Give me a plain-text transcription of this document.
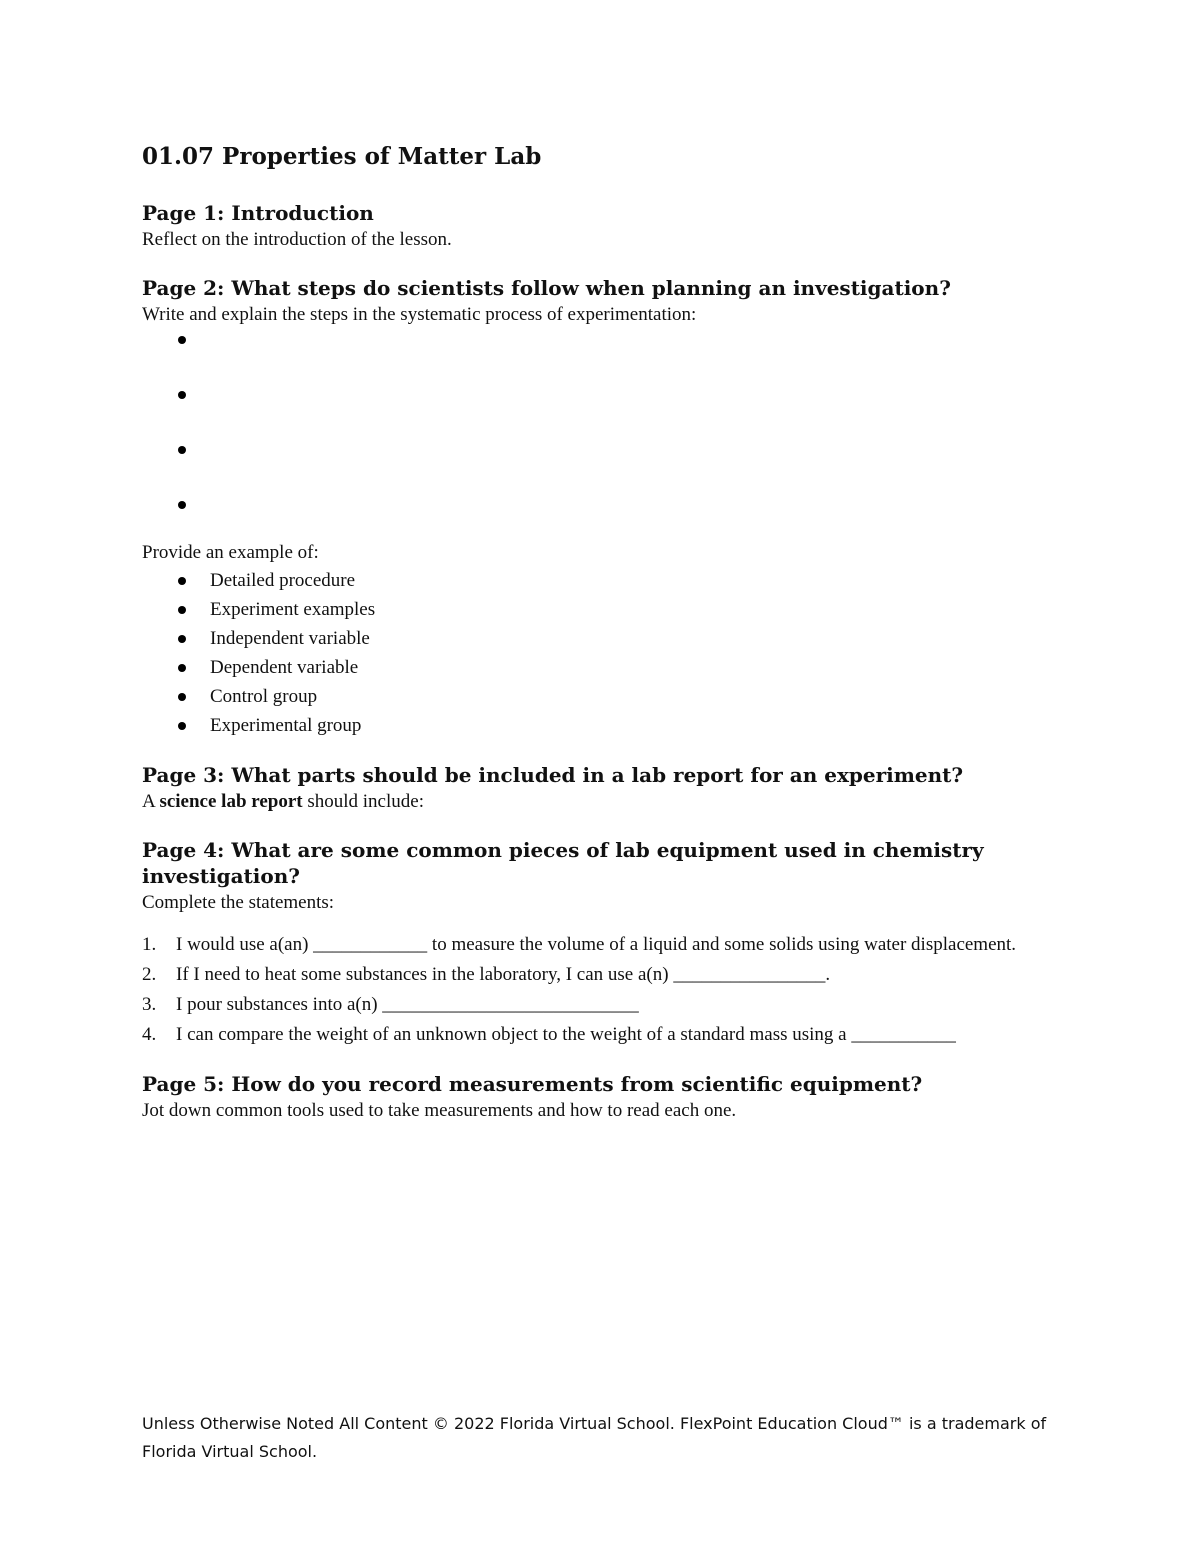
01.07 Properties of Matter Lab
Page 1: Introduction
Reflect on the introduction of the lesson.
Page 2: What steps do scientists follow when planning an investigation?
Write and explain the steps in the systematic process of experimentation:
Provide an example of:
Detailed procedure
Experiment examples
Independent variable
Dependent variable
Control group
Experimental group
Page 3: What parts should be included in a lab report for an experiment?
A science lab report should include:
Page 4: What are some common pieces of lab equipment used in chemistry investigation?
Complete the statements:
1. I would use a(an) ____________ to measure the volume of a liquid and some solids using water displacement.
2. If I need to heat some substances in the laboratory, I can use a(n) ________________.
3. I pour substances into a(n) ___________________________
4. I can compare the weight of an unknown object to the weight of a standard mass using a ___________
Page 5: How do you record measurements from scientific equipment?
Jot down common tools used to take measurements and how to read each one.
Unless Otherwise Noted All Content © 2022 Florida Virtual School. FlexPoint Education Cloud™ is a trademark of Florida Virtual School.
